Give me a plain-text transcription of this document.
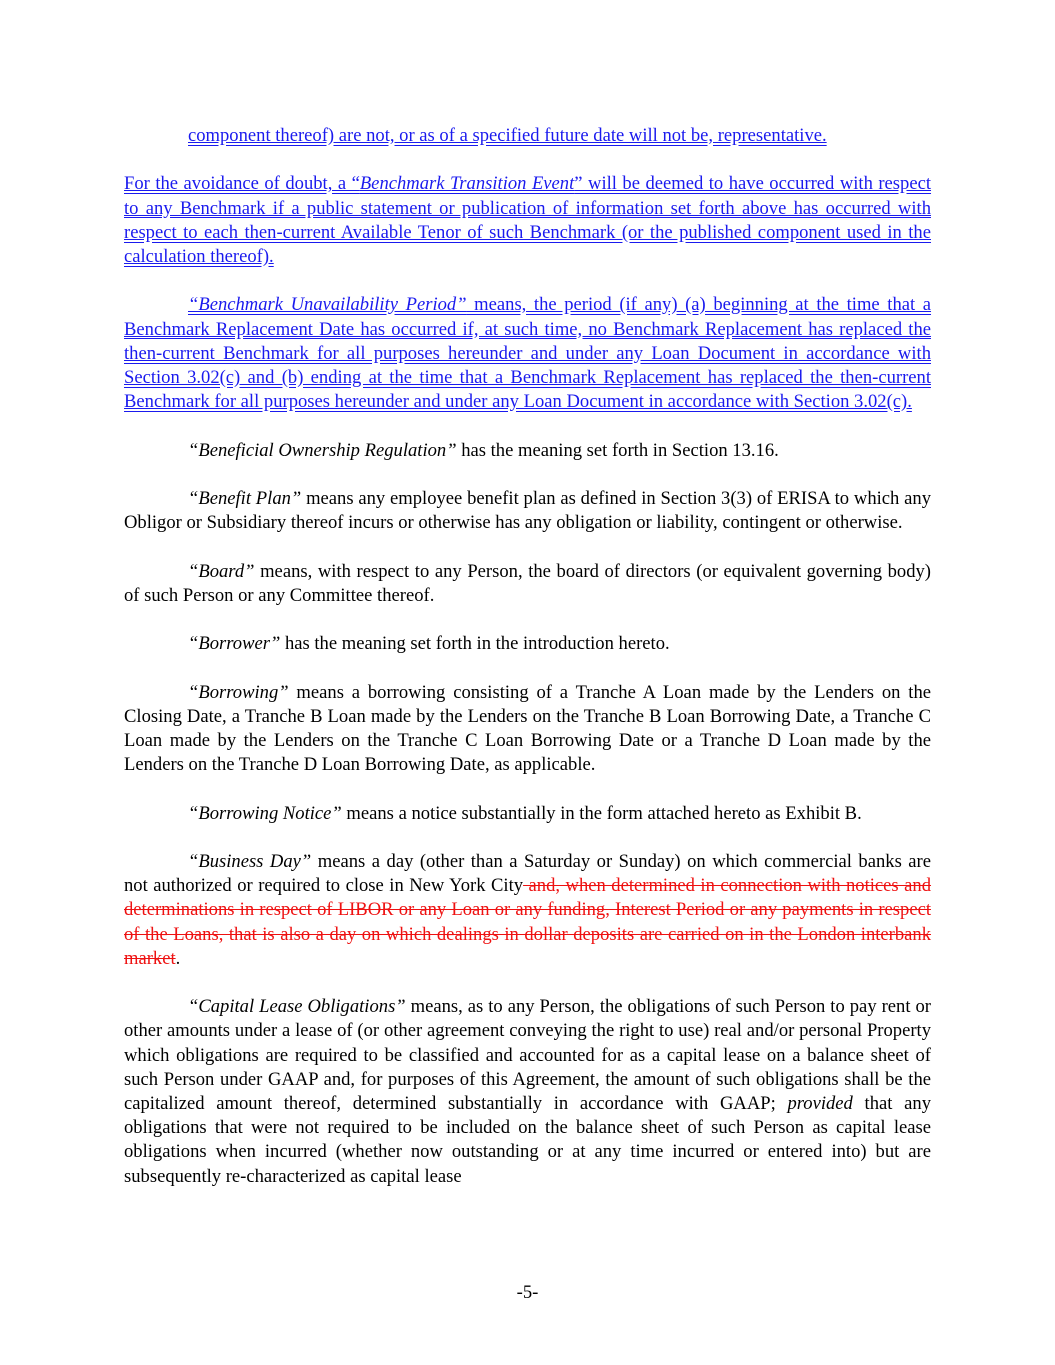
component thereof) are not, or as of a specified future date will not be, representative.

For the avoidance of doubt, a “Benchmark Transition Event” will be deemed to have occurred with respect to any Benchmark if a public statement or publication of information set forth above has occurred with respect to each then-current Available Tenor of such Benchmark (or the published component used in the calculation thereof).

“Benchmark Unavailability Period” means, the period (if any) (a) beginning at the time that a Benchmark Replacement Date has occurred if, at such time, no Benchmark Replacement has replaced the then-current Benchmark for all purposes hereunder and under any Loan Document in accordance with Section 3.02(c) and (b) ending at the time that a Benchmark Replacement has replaced the then-current Benchmark for all purposes hereunder and under any Loan Document in accordance with Section 3.02(c).

“Beneficial Ownership Regulation” has the meaning set forth in Section 13.16.

“Benefit Plan” means any employee benefit plan as defined in Section 3(3) of ERISA to which any Obligor or Subsidiary thereof incurs or otherwise has any obligation or liability, contingent or otherwise.

“Board” means, with respect to any Person, the board of directors (or equivalent governing body) of such Person or any Committee thereof.

“Borrower” has the meaning set forth in the introduction hereto.

“Borrowing” means a borrowing consisting of a Tranche A Loan made by the Lenders on the Closing Date, a Tranche B Loan made by the Lenders on the Tranche B Loan Borrowing Date, a Tranche C Loan made by the Lenders on the Tranche C Loan Borrowing Date or a Tranche D Loan made by the Lenders on the Tranche D Loan Borrowing Date, as applicable.

“Borrowing Notice” means a notice substantially in the form attached hereto as Exhibit B.

“Business Day” means a day (other than a Saturday or Sunday) on which commercial banks are not authorized or required to close in New York City and, when determined in connection with notices and determinations in respect of LIBOR or any Loan or any funding, Interest Period or any payments in respect of the Loans, that is also a day on which dealings in dollar deposits are carried on in the London interbank market.

“Capital Lease Obligations” means, as to any Person, the obligations of such Person to pay rent or other amounts under a lease of (or other agreement conveying the right to use) real and/or personal Property which obligations are required to be classified and accounted for as a capital lease on a balance sheet of such Person under GAAP and, for purposes of this Agreement, the amount of such obligations shall be the capitalized amount thereof, determined substantially in accordance with GAAP; provided that any obligations that were not required to be included on the balance sheet of such Person as capital lease obligations when incurred (whether now outstanding or at any time incurred or entered into) but are subsequently re-characterized as capital lease

-5-
